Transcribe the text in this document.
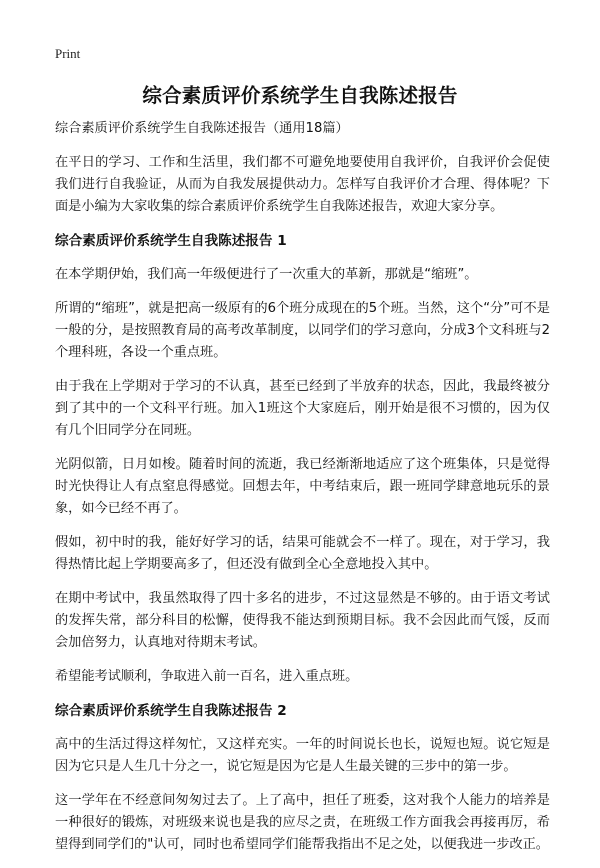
Print
综合素质评价系统学生自我陈述报告

综合素质评价系统学生自我陈述报告（通用18篇）

在平日的学习、工作和生活里，我们都不可避免地要使用自我评价，自我评价会促使我们进行自我验证，从而为自我发展提供动力。怎样写自我评价才合理、得体呢？下面是小编为大家收集的综合素质评价系统学生自我陈述报告，欢迎大家分享。

综合素质评价系统学生自我陈述报告 1

在本学期伊始，我们高一年级便进行了一次重大的革新，那就是“缩班”。

所谓的“缩班”，就是把高一级原有的6个班分成现在的5个班。当然，这个“分”可不是一般的分，是按照教育局的高考改革制度，以同学们的学习意向，分成3个文科班与2个理科班，各设一个重点班。

由于我在上学期对于学习的不认真，甚至已经到了半放弃的状态，因此，我最终被分到了其中的一个文科平行班。加入1班这个大家庭后，刚开始是很不习惯的，因为仅有几个旧同学分在同班。

光阴似箭，日月如梭。随着时间的流逝，我已经渐渐地适应了这个班集体，只是觉得时光快得让人有点窒息得感觉。回想去年，中考结束后，跟一班同学肆意地玩乐的景象，如今已经不再了。

假如，初中时的我，能好好学习的话，结果可能就会不一样了。现在，对于学习，我得热情比起上学期要高多了，但还没有做到全心全意地投入其中。

在期中考试中，我虽然取得了四十多名的进步，不过这显然是不够的。由于语文考试的发挥失常，部分科目的松懈，使得我不能达到预期目标。我不会因此而气馁，反而会加倍努力，认真地对待期末考试。

希望能考试顺利，争取进入前一百名，进入重点班。

综合素质评价系统学生自我陈述报告 2

高中的生活过得这样匆忙，又这样充实。一年的时间说长也长，说短也短。说它短是因为它只是人生几十分之一，说它短是因为它是人生最关键的三步中的第一步。

这一学年在不经意间匆匆过去了。上了高中，担任了班委，这对我个人能力的培养是一种很好的锻炼，对班级来说也是我的应尽之责，在班级工作方面我会再接再厉，希望得到同学们的"认可，同时也希望同学们能帮我指出不足之处，以便我进一步改正。
